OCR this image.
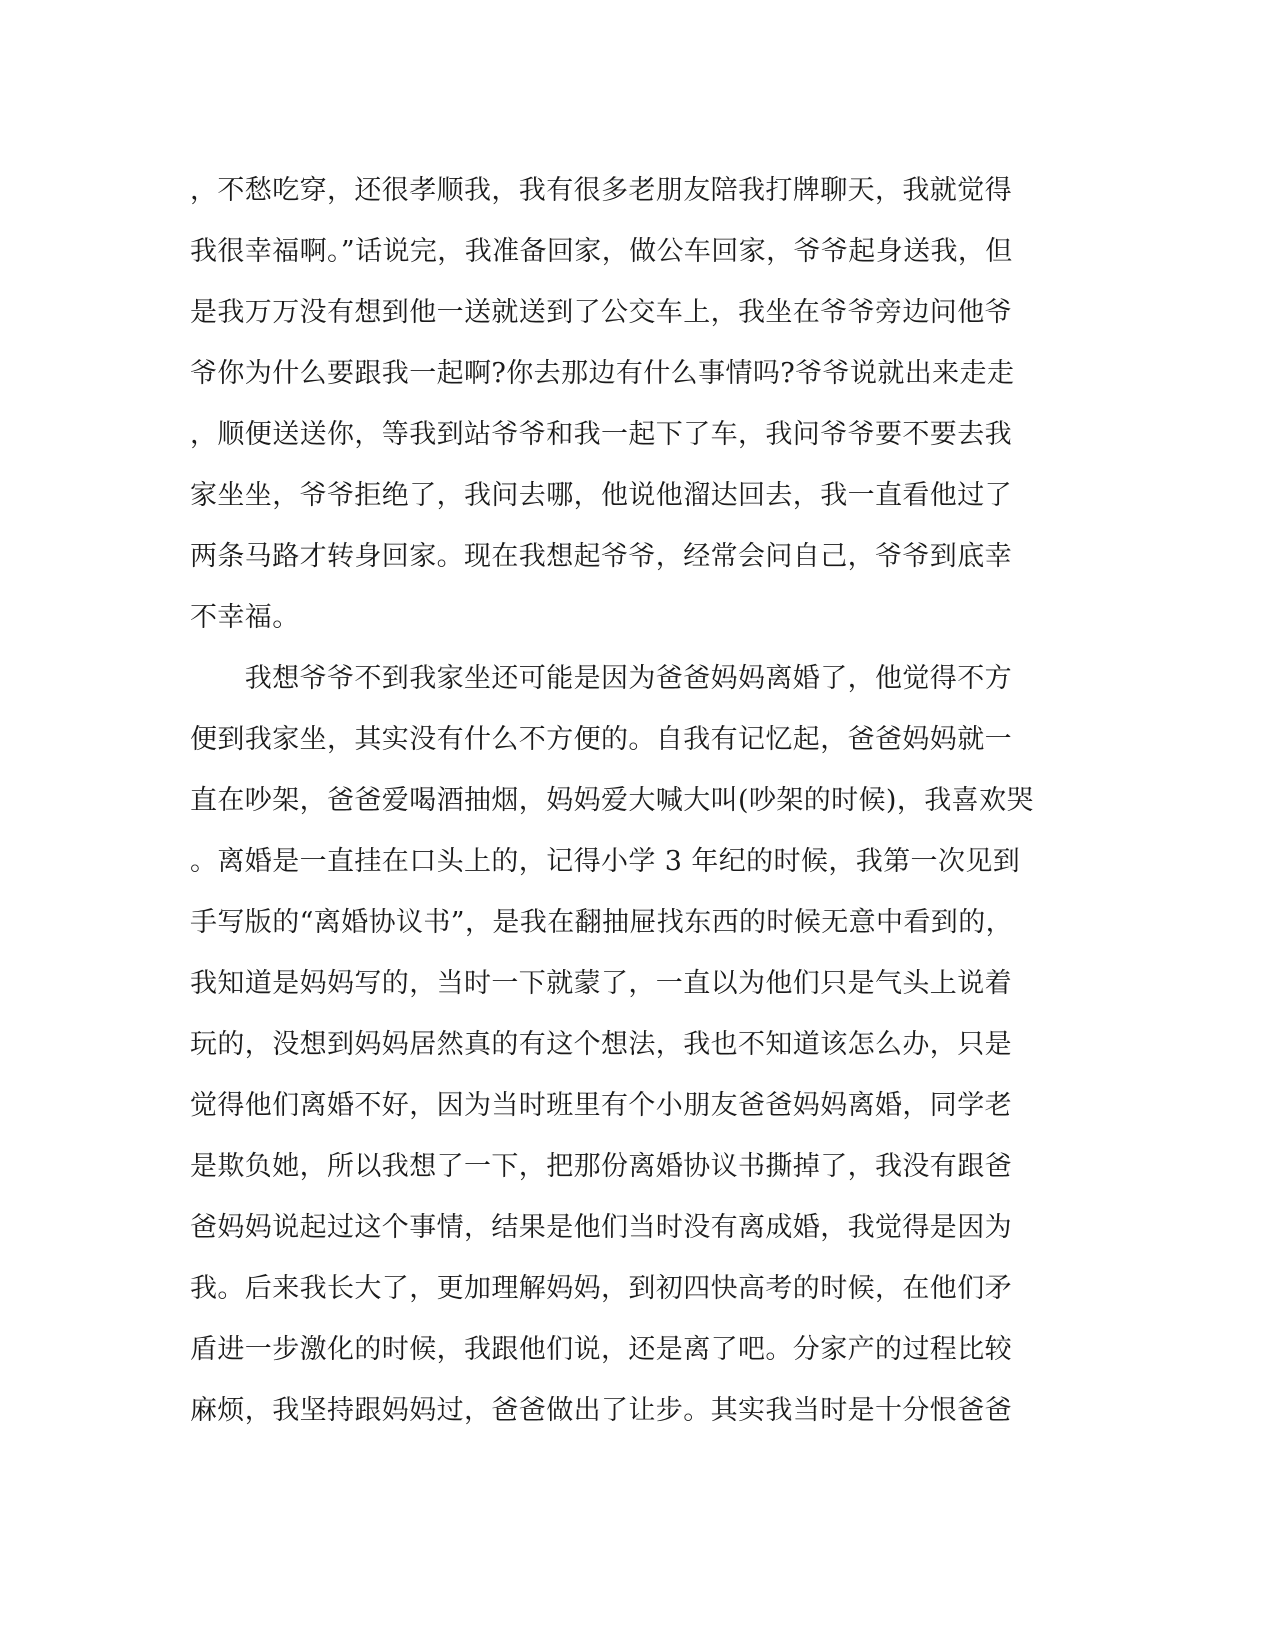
，不愁吃穿，还很孝顺我，我有很多老朋友陪我打牌聊天，我就觉得
我很幸福啊。”话说完，我准备回家，做公车回家，爷爷起身送我，但
是我万万没有想到他一送就送到了公交车上，我坐在爷爷旁边问他爷
爷你为什么要跟我一起啊?你去那边有什么事情吗?爷爷说就出来走走
，顺便送送你，等我到站爷爷和我一起下了车，我问爷爷要不要去我
家坐坐，爷爷拒绝了，我问去哪，他说他溜达回去，我一直看他过了
两条马路才转身回家。现在我想起爷爷，经常会问自己，爷爷到底幸
不幸福。
　　我想爷爷不到我家坐还可能是因为爸爸妈妈离婚了，他觉得不方
便到我家坐，其实没有什么不方便的。自我有记忆起，爸爸妈妈就一
直在吵架，爸爸爱喝酒抽烟，妈妈爱大喊大叫(吵架的时候)，我喜欢哭
。离婚是一直挂在口头上的，记得小学 3 年纪的时候，我第一次见到
手写版的“离婚协议书”，是我在翻抽屉找东西的时候无意中看到的，
我知道是妈妈写的，当时一下就蒙了，一直以为他们只是气头上说着
玩的，没想到妈妈居然真的有这个想法，我也不知道该怎么办，只是
觉得他们离婚不好，因为当时班里有个小朋友爸爸妈妈离婚，同学老
是欺负她，所以我想了一下，把那份离婚协议书撕掉了，我没有跟爸
爸妈妈说起过这个事情，结果是他们当时没有离成婚，我觉得是因为
我。后来我长大了，更加理解妈妈，到初四快高考的时候，在他们矛
盾进一步激化的时候，我跟他们说，还是离了吧。分家产的过程比较
麻烦，我坚持跟妈妈过，爸爸做出了让步。其实我当时是十分恨爸爸
